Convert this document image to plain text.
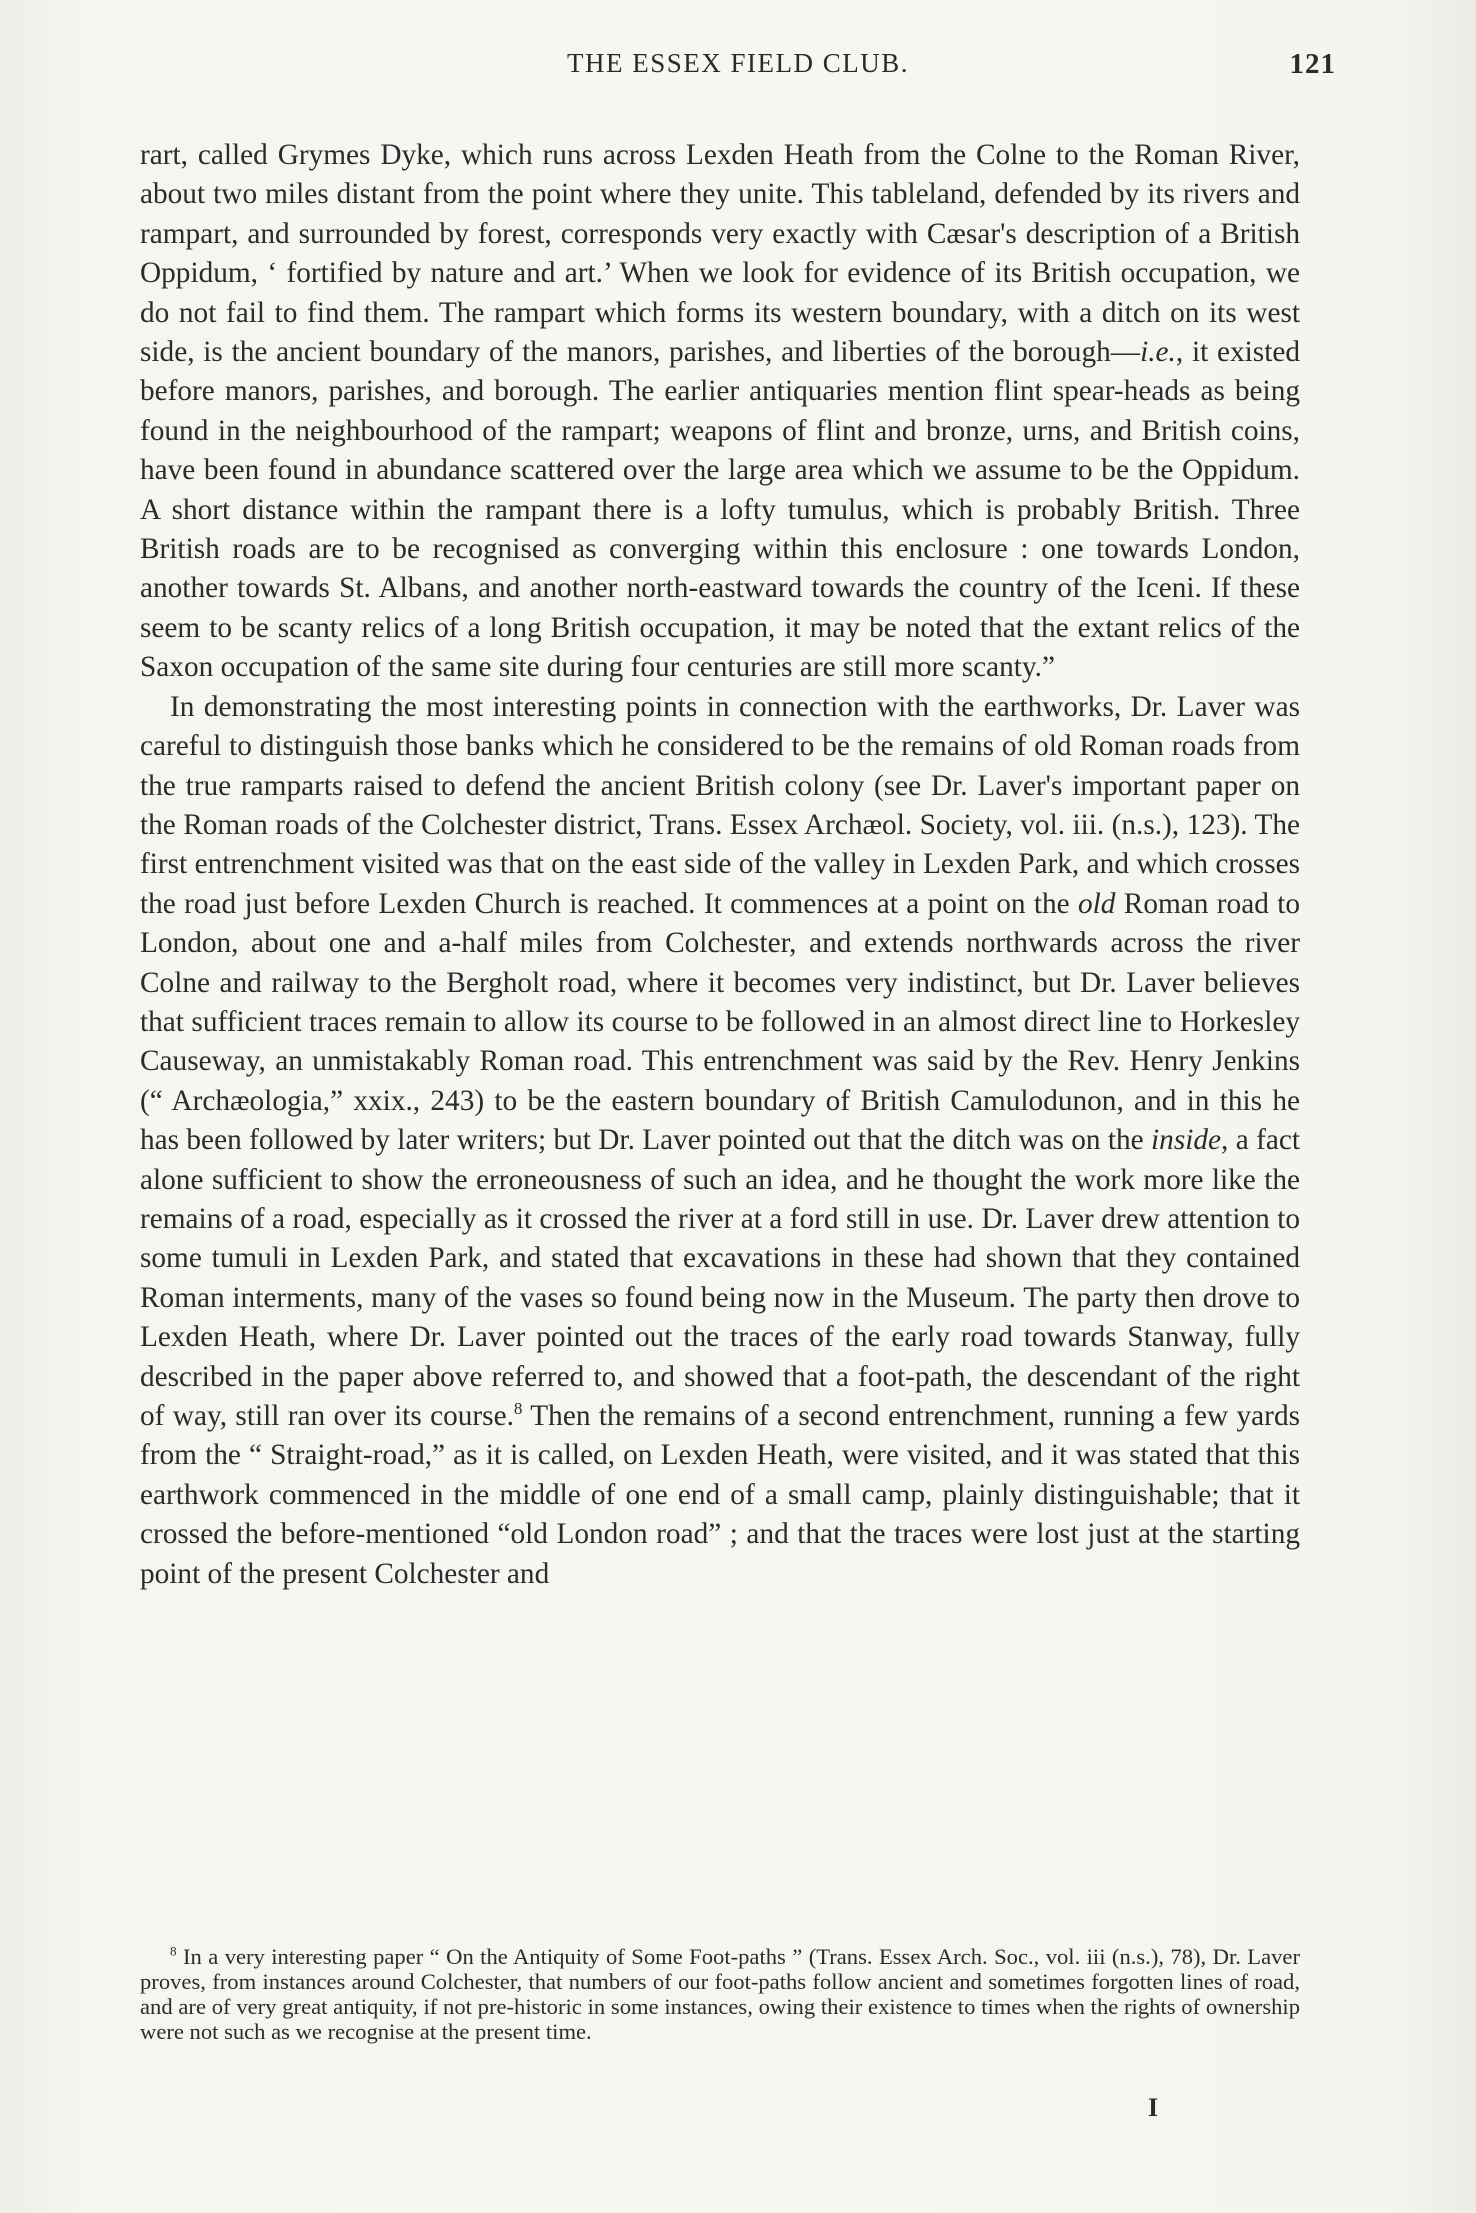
THE ESSEX FIELD CLUB.	121

rart, called Grymes Dyke, which runs across Lexden Heath from the Colne to the Roman River, about two miles distant from the point where they unite. This tableland, defended by its rivers and rampart, and surrounded by forest, corresponds very exactly with Cæsar's description of a British Oppidum, ‘ fortified by nature and art.’ When we look for evidence of its British occupation, we do not fail to find them. The rampart which forms its western boundary, with a ditch on its west side, is the ancient boundary of the manors, parishes, and liberties of the borough—i.e., it existed before manors, parishes, and borough. The earlier antiquaries mention flint spear-heads as being found in the neighbourhood of the rampart; weapons of flint and bronze, urns, and British coins, have been found in abundance scattered over the large area which we assume to be the Oppidum. A short distance within the rampant there is a lofty tumulus, which is probably British. Three British roads are to be recognised as converging within this enclosure : one towards London, another towards St. Albans, and another north-eastward towards the country of the Iceni. If these seem to be scanty relics of a long British occupation, it may be noted that the extant relics of the Saxon occupation of the same site during four centuries are still more scanty.”

In demonstrating the most interesting points in connection with the earthworks, Dr. Laver was careful to distinguish those banks which he considered to be the remains of old Roman roads from the true ramparts raised to defend the ancient British colony (see Dr. Laver's important paper on the Roman roads of the Colchester district, Trans. Essex Archæol. Society, vol. iii. (n.s.), 123). The first entrenchment visited was that on the east side of the valley in Lexden Park, and which crosses the road just before Lexden Church is reached. It commences at a point on the old Roman road to London, about one and a-half miles from Colchester, and extends northwards across the river Colne and railway to the Bergholt road, where it becomes very indistinct, but Dr. Laver believes that sufficient traces remain to allow its course to be followed in an almost direct line to Horkesley Causeway, an unmistakably Roman road. This entrenchment was said by the Rev. Henry Jenkins (“ Archæologia,” xxix., 243) to be the eastern boundary of British Camulodunon, and in this he has been followed by later writers; but Dr. Laver pointed out that the ditch was on the inside, a fact alone sufficient to show the erroneousness of such an idea, and he thought the work more like the remains of a road, especially as it crossed the river at a ford still in use. Dr. Laver drew attention to some tumuli in Lexden Park, and stated that excavations in these had shown that they contained Roman interments, many of the vases so found being now in the Museum. The party then drove to Lexden Heath, where Dr. Laver pointed out the traces of the early road towards Stanway, fully described in the paper above referred to, and showed that a foot-path, the descendant of the right of way, still ran over its course.$^8$ Then the remains of a second entrenchment, running a few yards from the “ Straight-road,” as it is called, on Lexden Heath, were visited, and it was stated that this earthwork commenced in the middle of one end of a small camp, plainly distinguishable; that it crossed the before-mentioned “old London road” ; and that the traces were lost just at the starting point of the present Colchester and

$^8$ In a very interesting paper “ On the Antiquity of Some Foot-paths ” (Trans. Essex Arch. Soc., vol. iii (n.s.), 78), Dr. Laver proves, from instances around Colchester, that numbers of our foot-paths follow ancient and sometimes forgotten lines of road, and are of very great antiquity, if not pre-historic in some instances, owing their existence to times when the rights of ownership were not such as we recognise at the present time.

I
